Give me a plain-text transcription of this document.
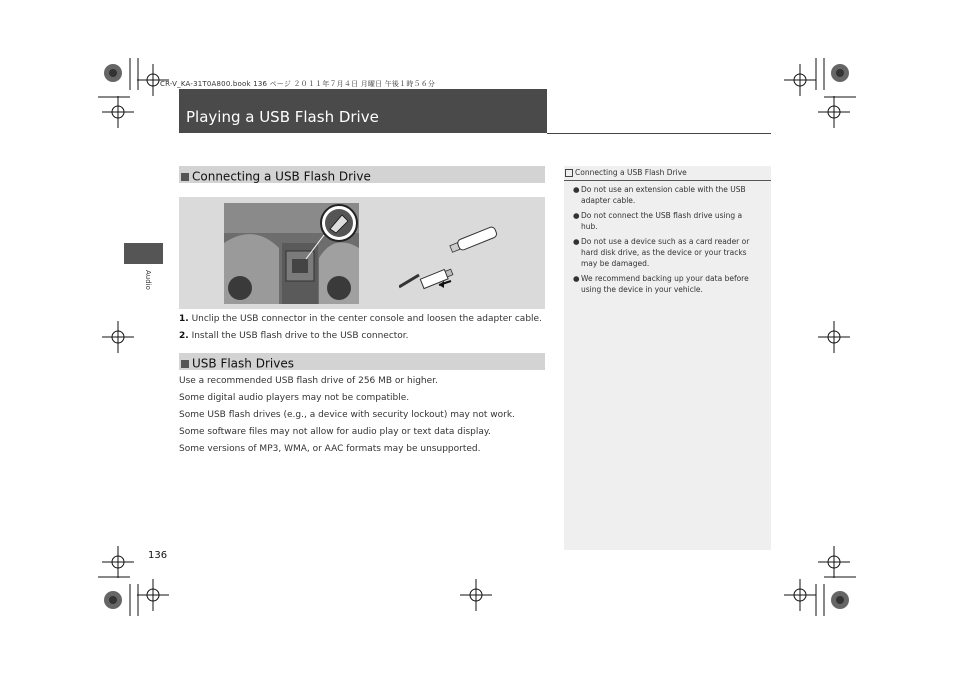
CR-V_KA-31T0A800.book 136 ページ ２０１１年７月４日 月曜日 午後１時５６分
Playing a USB Flash Drive
Audio
Connecting a USB Flash Drive
1. Unclip the USB connector in the center console and loosen the adapter cable.
2. Install the USB flash drive to the USB connector.
USB Flash Drives
Use a recommended USB flash drive of 256 MB or higher.
Some digital audio players may not be compatible.
Some USB flash drives (e.g., a device with security lockout) may not work.
Some software files may not allow for audio play or text data display.
Some versions of MP3, WMA, or AAC formats may be unsupported.
Connecting a USB Flash Drive
● Do not use an extension cable with the USB adapter cable.
● Do not connect the USB flash drive using a hub.
● Do not use a device such as a card reader or hard disk drive, as the device or your tracks may be damaged.
● We recommend backing up your data before using the device in your vehicle.
136
